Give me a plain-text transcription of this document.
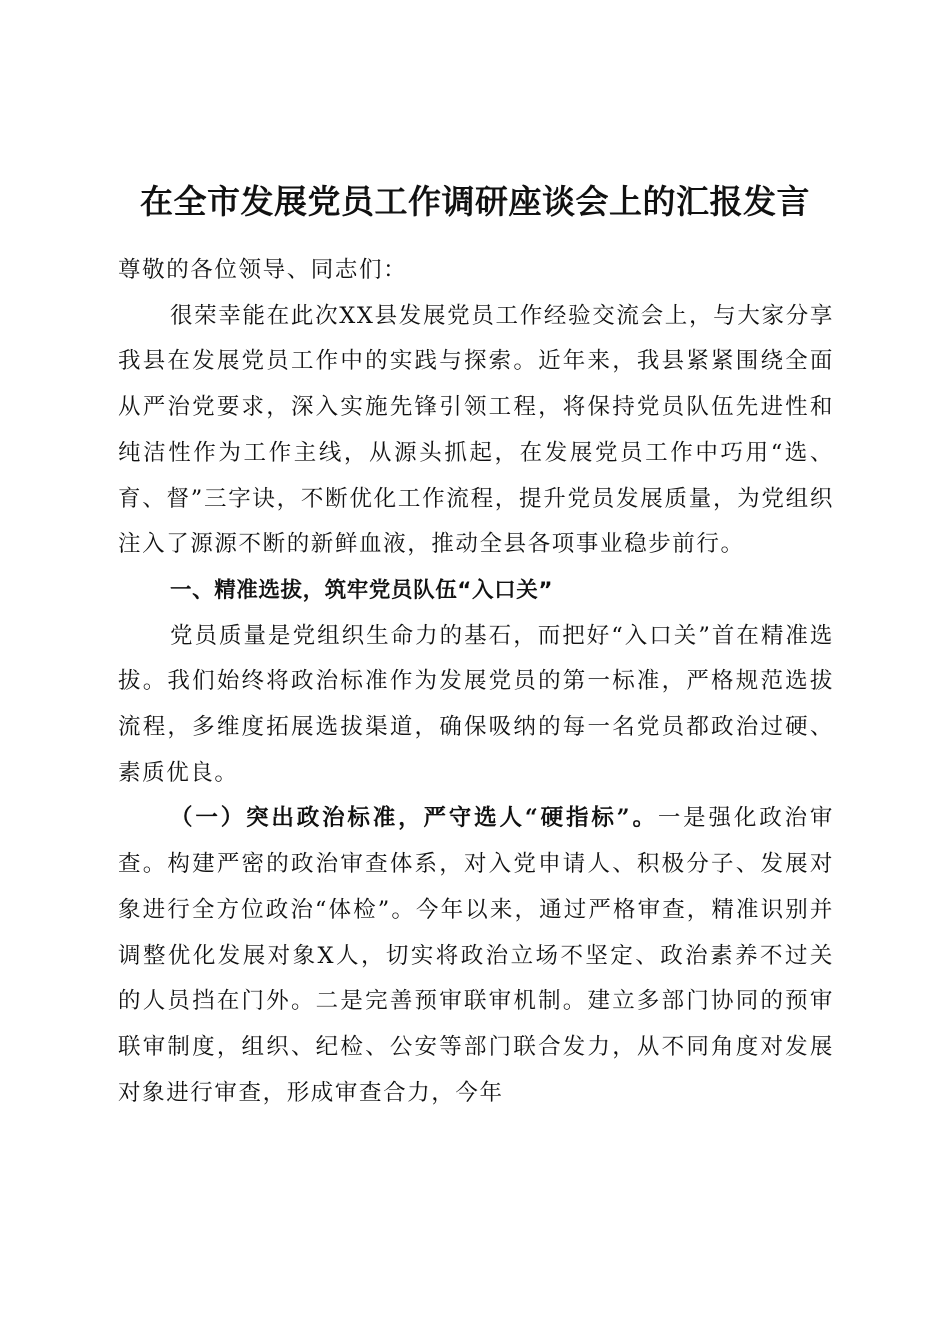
在全市发展党员工作调研座谈会上的汇报发言

尊敬的各位领导、同志们：

很荣幸能在此次XX县发展党员工作经验交流会上，与大家分享我县在发展党员工作中的实践与探索。近年来，我县紧紧围绕全面从严治党要求，深入实施先锋引领工程，将保持党员队伍先进性和纯洁性作为工作主线，从源头抓起，在发展党员工作中巧用“选、育、督”三字诀，不断优化工作流程，提升党员发展质量，为党组织注入了源源不断的新鲜血液，推动全县各项事业稳步前行。

一、精准选拔，筑牢党员队伍“入口关”

党员质量是党组织生命力的基石，而把好“入口关”首在精准选拔。我们始终将政治标准作为发展党员的第一标准，严格规范选拔流程，多维度拓展选拔渠道，确保吸纳的每一名党员都政治过硬、素质优良。

（一）突出政治标准，严守选人“硬指标”。一是强化政治审查。构建严密的政治审查体系，对入党申请人、积极分子、发展对象进行全方位政治“体检”。今年以来，通过严格审查，精准识别并调整优化发展对象X人，切实将政治立场不坚定、政治素养不过关的人员挡在门外。二是完善预审联审机制。建立多部门协同的预审联审制度，组织、纪检、公安等部门联合发力，从不同角度对发展对象进行审查，形成审查合力，今年
